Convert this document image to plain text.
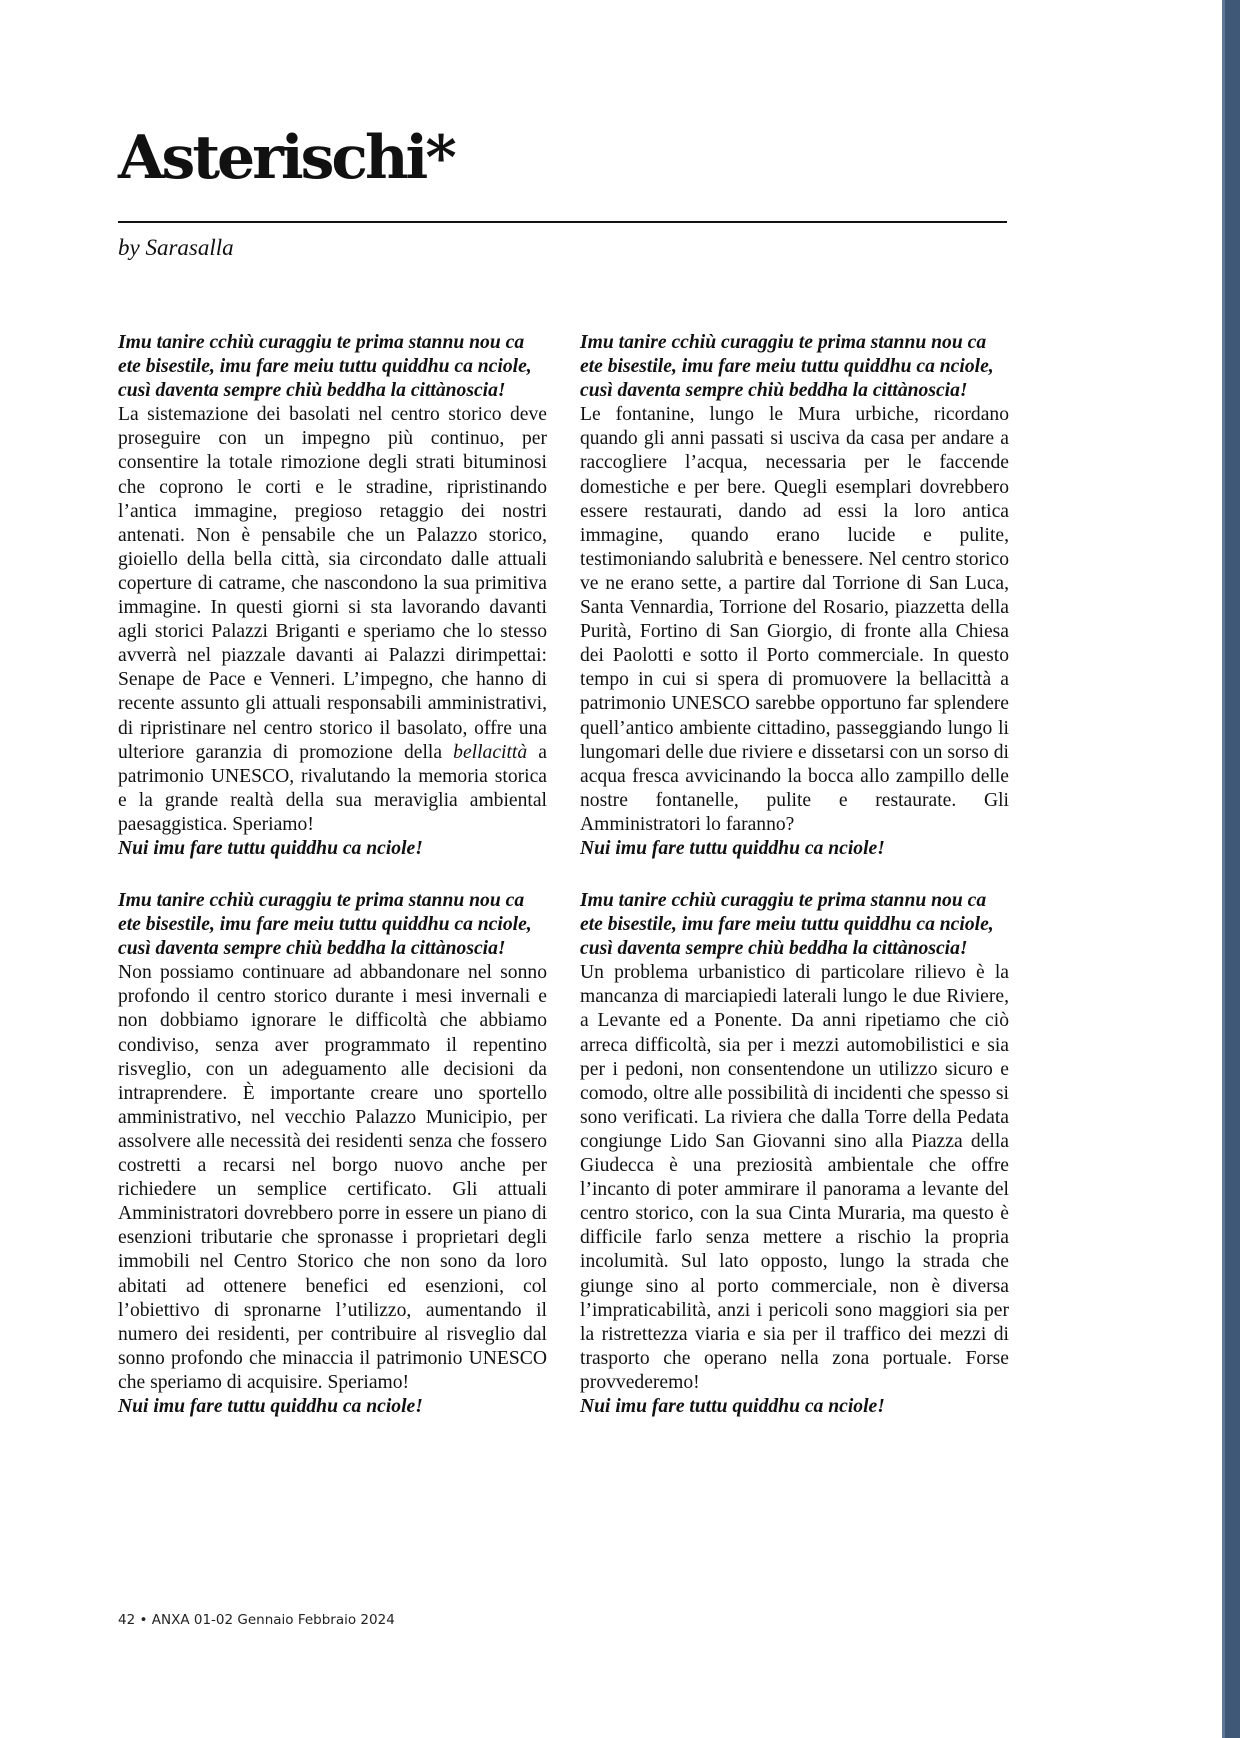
Asterischi*
by Sarasalla

Imu tanire cchiù curaggiu te prima stannu nou ca ete bisestile, imu fare meiu tuttu quiddhu ca nciole, cusì daventa sempre chiù beddha la cittànoscia!

La sistemazione dei basolati nel centro storico deve proseguire con un impegno più continuo, per consentire la totale rimozione degli strati bituminosi che coprono le corti e le stradine, ripristinando l’antica immagine, pregioso retaggio dei nostri antenati. Non è pensabile che un Palazzo storico, gioiello della bella città, sia circondato dalle attuali coperture di catrame, che nascondono la sua primitiva immagine. In questi giorni si sta lavorando davanti agli storici Palazzi Briganti e speriamo che lo stesso avverrà nel piazzale davanti ai Palazzi dirimpettai: Senape de Pace e Venneri. L’impegno, che hanno di recente assunto gli attuali responsabili amministrativi, di ripristinare nel centro storico il basolato, offre una ulteriore garanzia di promozione della bellacittà a patrimonio UNESCO, rivalutando la memoria storica e la grande realtà della sua meraviglia ambiental paesaggistica. Speriamo!

Nui imu fare tuttu quiddhu ca nciole!

Imu tanire cchiù curaggiu te prima stannu nou ca ete bisestile, imu fare meiu tuttu quiddhu ca nciole, cusì daventa sempre chiù beddha la cittànoscia!

Le fontanine, lungo le Mura urbiche, ricordano quando gli anni passati si usciva da casa per andare a raccogliere l’acqua, necessaria per le faccende domestiche e per bere. Quegli esemplari dovrebbero essere restaurati, dando ad essi la loro antica immagine, quando erano lucide e pulite, testimoniando salubrità e benessere. Nel centro storico ve ne erano sette, a partire dal Torrione di San Luca, Santa Vennardia, Torrione del Rosario, piazzetta della Purità, Fortino di San Giorgio, di fronte alla Chiesa dei Paolotti e sotto il Porto commerciale. In questo tempo in cui si spera di promuovere la bellacittà a patrimonio UNESCO sarebbe opportuno far splendere quell’antico ambiente cittadino, passeggiando lungo li lungomari delle due riviere e dissetarsi con un sorso di acqua fresca avvicinando la bocca allo zampillo delle nostre fontanelle, pulite e restaurate. Gli Amministratori lo faranno?

Nui imu fare tuttu quiddhu ca nciole!

Imu tanire cchiù curaggiu te prima stannu nou ca ete bisestile, imu fare meiu tuttu quiddhu ca nciole, cusì daventa sempre chiù beddha la cittànoscia!

Non possiamo continuare ad abbandonare nel sonno profondo il centro storico durante i mesi invernali e non dobbiamo ignorare le difficoltà che abbiamo condiviso, senza aver programmato il repentino risveglio, con un adeguamento alle decisioni da intraprendere. È importante creare uno sportello amministrativo, nel vecchio Palazzo Municipio, per assolvere alle necessità dei residenti senza che fossero costretti a recarsi nel borgo nuovo anche per richiedere un semplice certificato. Gli attuali Amministratori dovrebbero porre in essere un piano di esenzioni tributarie che spronasse i proprietari degli immobili nel Centro Storico che non sono da loro abitati ad ottenere benefici ed esenzioni, col l’obiettivo di spronarne l’utilizzo, aumentando il numero dei residenti, per contribuire al risveglio dal sonno profondo che minaccia il patrimonio UNESCO che speriamo di acquisire. Speriamo!

Nui imu fare tuttu quiddhu ca nciole!

Imu tanire cchiù curaggiu te prima stannu nou ca ete bisestile, imu fare meiu tuttu quiddhu ca nciole, cusì daventa sempre chiù beddha la cittànoscia!

Un problema urbanistico di particolare rilievo è la mancanza di marciapiedi laterali lungo le due Riviere, a Levante ed a Ponente. Da anni ripetiamo che ciò arreca difficoltà, sia per i mezzi automobilistici e sia per i pedoni, non consentendone un utilizzo sicuro e comodo, oltre alle possibilità di incidenti che spesso si sono verificati. La riviera che dalla Torre della Pedata congiunge Lido San Giovanni sino alla Piazza della Giudecca è una preziosità ambientale che offre l’incanto di poter ammirare il panorama a levante del centro storico, con la sua Cinta Muraria, ma questo è difficile farlo senza mettere a rischio la propria incolumità. Sul lato opposto, lungo la strada che giunge sino al porto commerciale, non è diversa l’impraticabilità, anzi i pericoli sono maggiori sia per la ristrettezza viaria e sia per il traffico dei mezzi di trasporto che operano nella zona portuale. Forse provvederemo!

Nui imu fare tuttu quiddhu ca nciole!

42 • ANXA 01-02 Gennaio Febbraio 2024
